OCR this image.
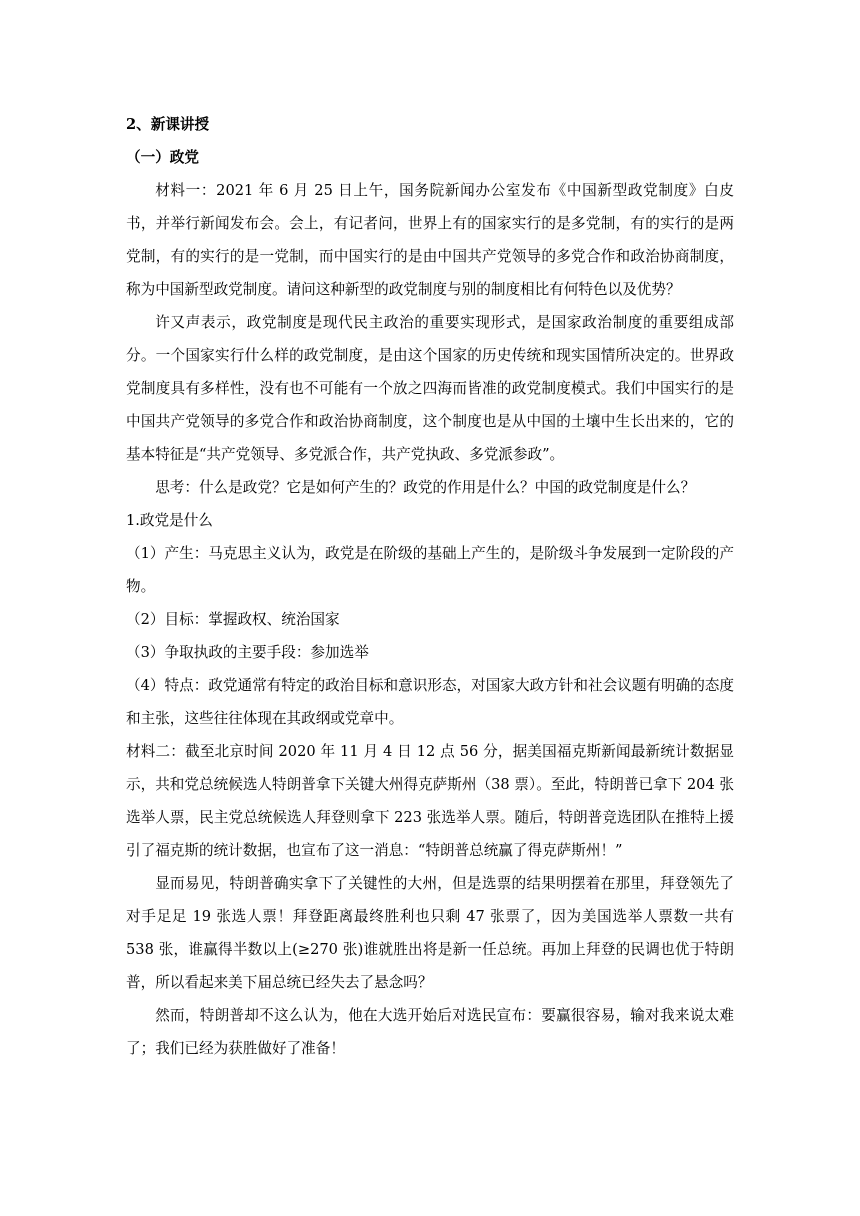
2、新课讲授

（一）政党

材料一：2021 年 6 月 25 日上午，国务院新闻办公室发布《中国新型政党制度》白皮书，并举行新闻发布会。会上，有记者问，世界上有的国家实行的是多党制，有的实行的是两党制，有的实行的是一党制，而中国实行的是由中国共产党领导的多党合作和政治协商制度，称为中国新型政党制度。请问这种新型的政党制度与别的制度相比有何特色以及优势？

许又声表示，政党制度是现代民主政治的重要实现形式，是国家政治制度的重要组成部分。一个国家实行什么样的政党制度，是由这个国家的历史传统和现实国情所决定的。世界政党制度具有多样性，没有也不可能有一个放之四海而皆准的政党制度模式。我们中国实行的是中国共产党领导的多党合作和政治协商制度，这个制度也是从中国的土壤中生长出来的，它的基本特征是“共产党领导、多党派合作，共产党执政、多党派参政”。

思考：什么是政党？它是如何产生的？政党的作用是什么？中国的政党制度是什么？

1.政党是什么

（1）产生：马克思主义认为，政党是在阶级的基础上产生的，是阶级斗争发展到一定阶段的产物。

（2）目标：掌握政权、统治国家

（3）争取执政的主要手段：参加选举

（4）特点：政党通常有特定的政治目标和意识形态，对国家大政方针和社会议题有明确的态度和主张，这些往往体现在其政纲或党章中。

材料二：截至北京时间 2020 年 11 月 4 日 12 点 56 分，据美国福克斯新闻最新统计数据显示，共和党总统候选人特朗普拿下关键大州得克萨斯州（38 票）。至此，特朗普已拿下 204 张选举人票，民主党总统候选人拜登则拿下 223 张选举人票。随后，特朗普竞选团队在推特上援引了福克斯的统计数据，也宣布了这一消息：“特朗普总统赢了得克萨斯州！”

显而易见，特朗普确实拿下了关键性的大州，但是选票的结果明摆着在那里，拜登领先了对手足足 19 张选人票！拜登距离最终胜利也只剩 47 张票了，因为美国选举人票数一共有 538 张，谁赢得半数以上(≥270 张)谁就胜出将是新一任总统。再加上拜登的民调也优于特朗普，所以看起来美下届总统已经失去了悬念吗？

然而，特朗普却不这么认为，他在大选开始后对选民宣布：要赢很容易，输对我来说太难了；我们已经为获胜做好了准备！
